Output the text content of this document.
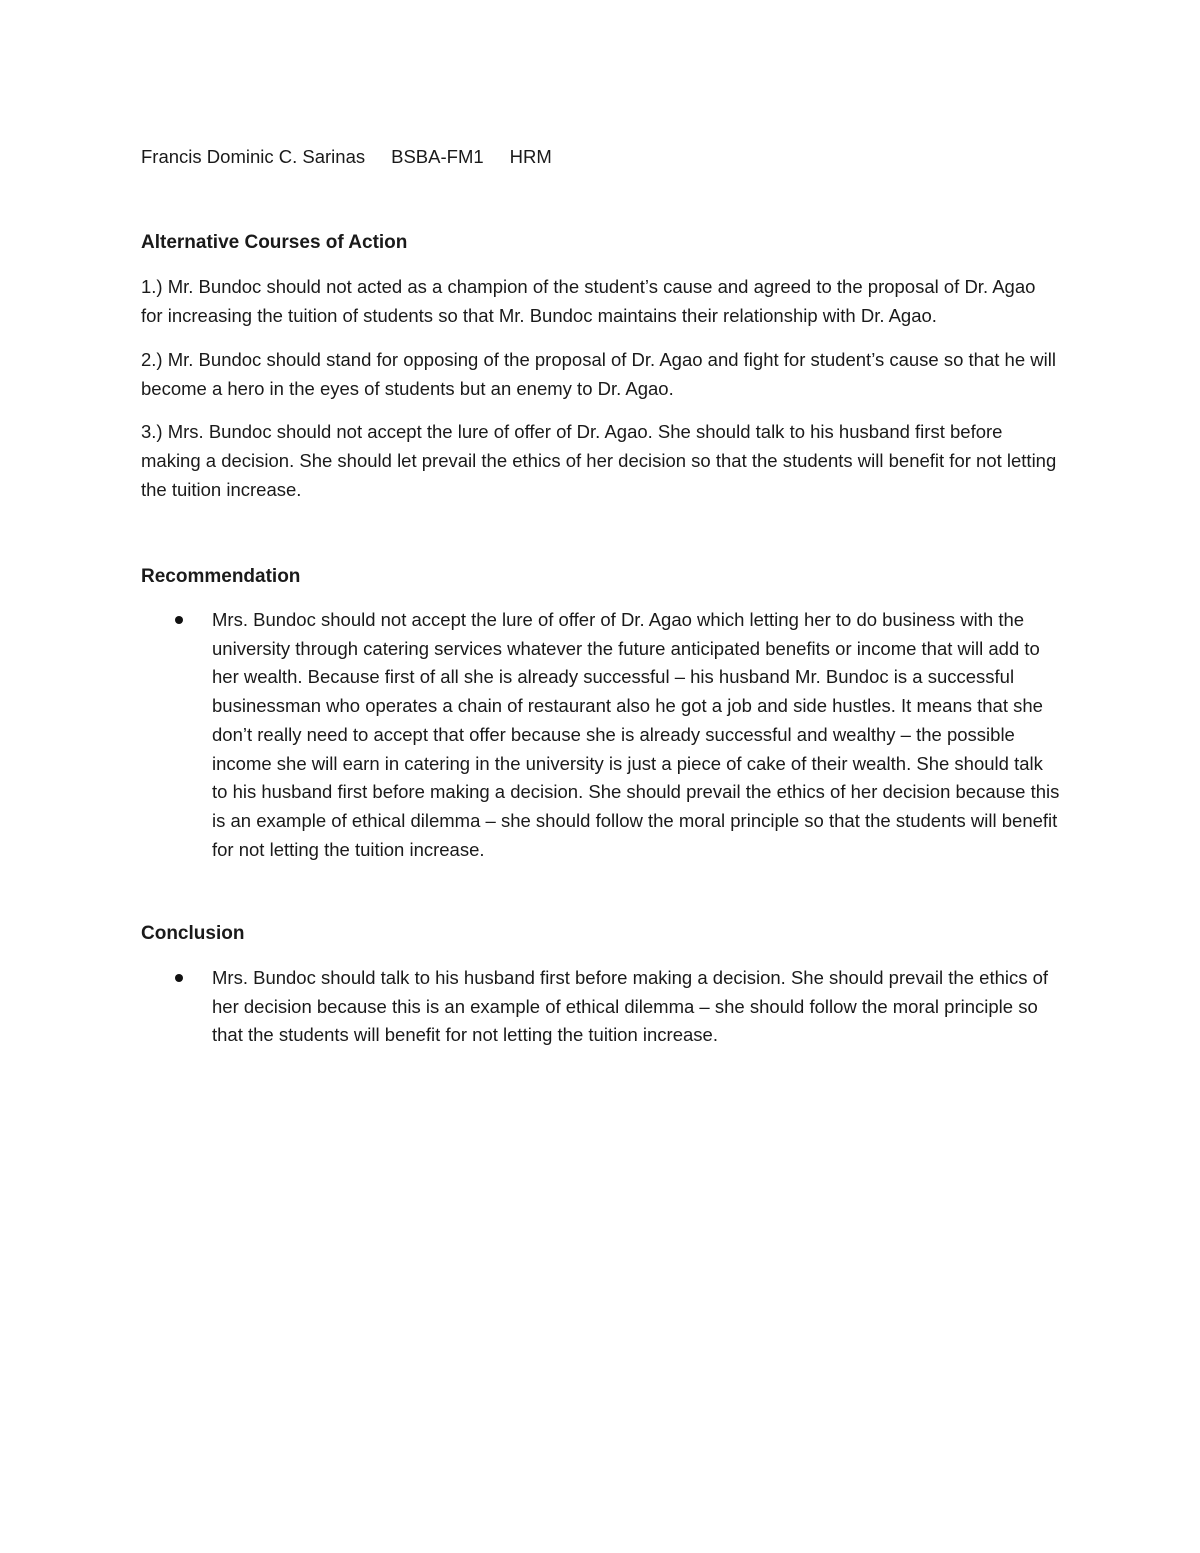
Francis Dominic C. Sarinas BSBA-FM1 HRM

Alternative Courses of Action

1.) Mr. Bundoc should not acted as a champion of the student’s cause and agreed to the proposal of Dr. Agao for increasing the tuition of students so that Mr. Bundoc maintains their relationship with Dr. Agao.

2.) Mr. Bundoc should stand for opposing of the proposal of Dr. Agao and fight for student’s cause so that he will become a hero in the eyes of students but an enemy to Dr. Agao.

3.) Mrs. Bundoc should not accept the lure of offer of Dr. Agao. She should talk to his husband first before making a decision. She should let prevail the ethics of her decision so that the students will benefit for not letting the tuition increase.

Recommendation
Mrs. Bundoc should not accept the lure of offer of Dr. Agao which letting her to do business with the university through catering services whatever the future anticipated benefits or income that will add to her wealth. Because first of all she is already successful – his husband Mr. Bundoc is a successful businessman who operates a chain of restaurant also he got a job and side hustles. It means that she don’t really need to accept that offer because she is already successful and wealthy – the possible income she will earn in catering in the university is just a piece of cake of their wealth. She should talk to his husband first before making a decision. She should prevail the ethics of her decision because this is an example of ethical dilemma – she should follow the moral principle so that the students will benefit for not letting the tuition increase.
Conclusion
Mrs. Bundoc should talk to his husband first before making a decision. She should prevail the ethics of her decision because this is an example of ethical dilemma – she should follow the moral principle so that the students will benefit for not letting the tuition increase.
